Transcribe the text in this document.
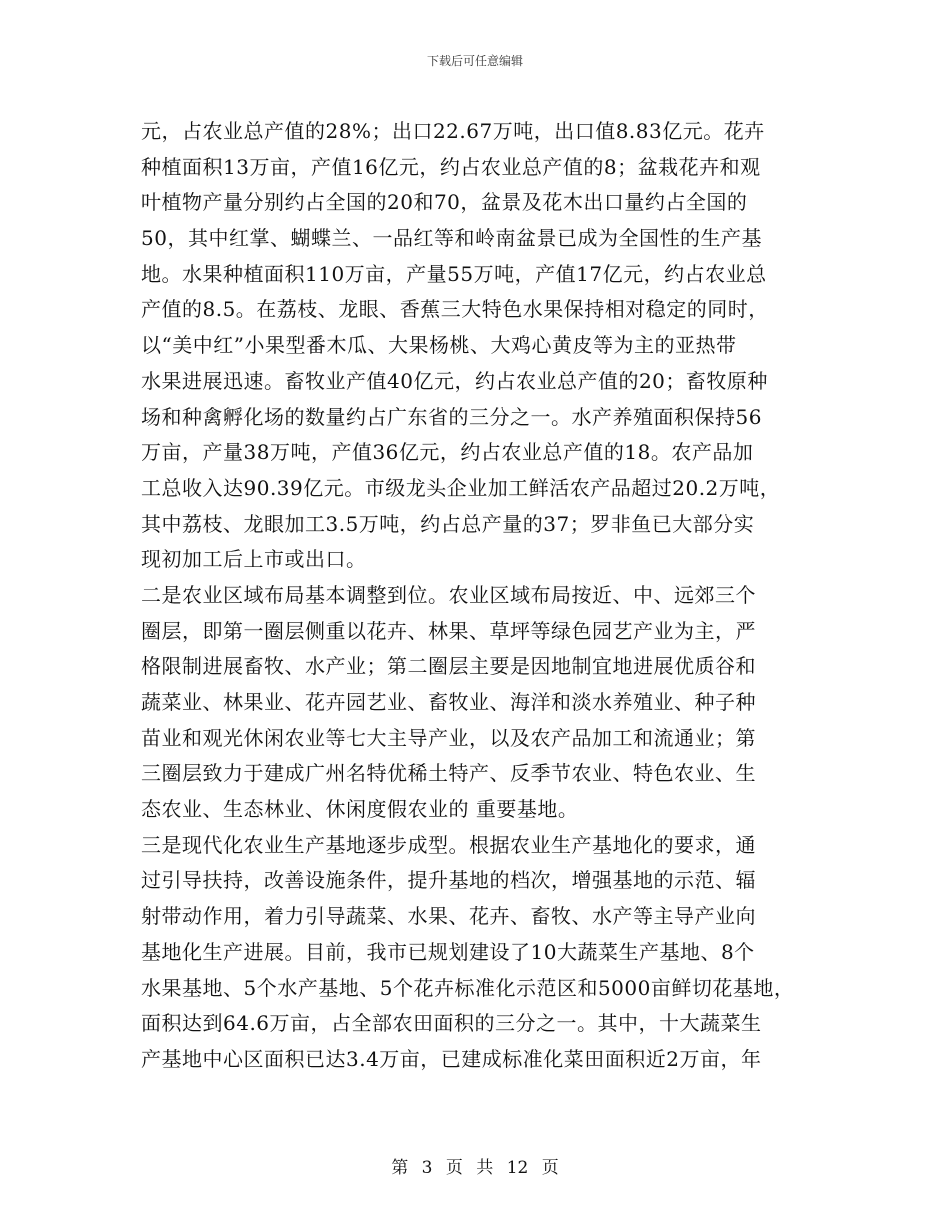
下载后可任意编辑
元，占农业总产值的28%；出口22.67万吨，出口值8.83亿元。花卉
种植面积13万亩，产值16亿元，约占农业总产值的8；盆栽花卉和观
叶植物产量分别约占全国的20和70，盆景及花木出口量约占全国的
50，其中红掌、蝴蝶兰、一品红等和岭南盆景已成为全国性的生产基
地。水果种植面积110万亩，产量55万吨，产值17亿元，约占农业总
产值的8.5。在荔枝、龙眼、香蕉三大特色水果保持相对稳定的同时，
以“美中红”小果型番木瓜、大果杨桃、大鸡心黄皮等为主的亚热带
水果进展迅速。畜牧业产值40亿元，约占农业总产值的20；畜牧原种
场和种禽孵化场的数量约占广东省的三分之一。水产养殖面积保持56
万亩，产量38万吨，产值36亿元，约占农业总产值的18。农产品加
工总收入达90.39亿元。市级龙头企业加工鲜活农产品超过20.2万吨，
其中荔枝、龙眼加工3.5万吨，约占总产量的37；罗非鱼已大部分实
现初加工后上市或出口。
二是农业区域布局基本调整到位。农业区域布局按近、中、远郊三个
圈层，即第一圈层侧重以花卉、林果、草坪等绿色园艺产业为主，严
格限制进展畜牧、水产业；第二圈层主要是因地制宜地进展优质谷和
蔬菜业、林果业、花卉园艺业、畜牧业、海洋和淡水养殖业、种子种
苗业和观光休闲农业等七大主导产业，以及农产品加工和流通业；第
三圈层致力于建成广州名特优稀土特产、反季节农业、特色农业、生
态农业、生态林业、休闲度假农业的 重要基地。
三是现代化农业生产基地逐步成型。根据农业生产基地化的要求，通
过引导扶持，改善设施条件，提升基地的档次，增强基地的示范、辐
射带动作用，着力引导蔬菜、水果、花卉、畜牧、水产等主导产业向
基地化生产进展。目前，我市已规划建设了10大蔬菜生产基地、8个
水果基地、5个水产基地、5个花卉标准化示范区和5000亩鲜切花基地，
面积达到64.6万亩，占全部农田面积的三分之一。其中，十大蔬菜生
产基地中心区面积已达3.4万亩，已建成标准化菜田面积近2万亩，年
第 3 页 共 12 页
